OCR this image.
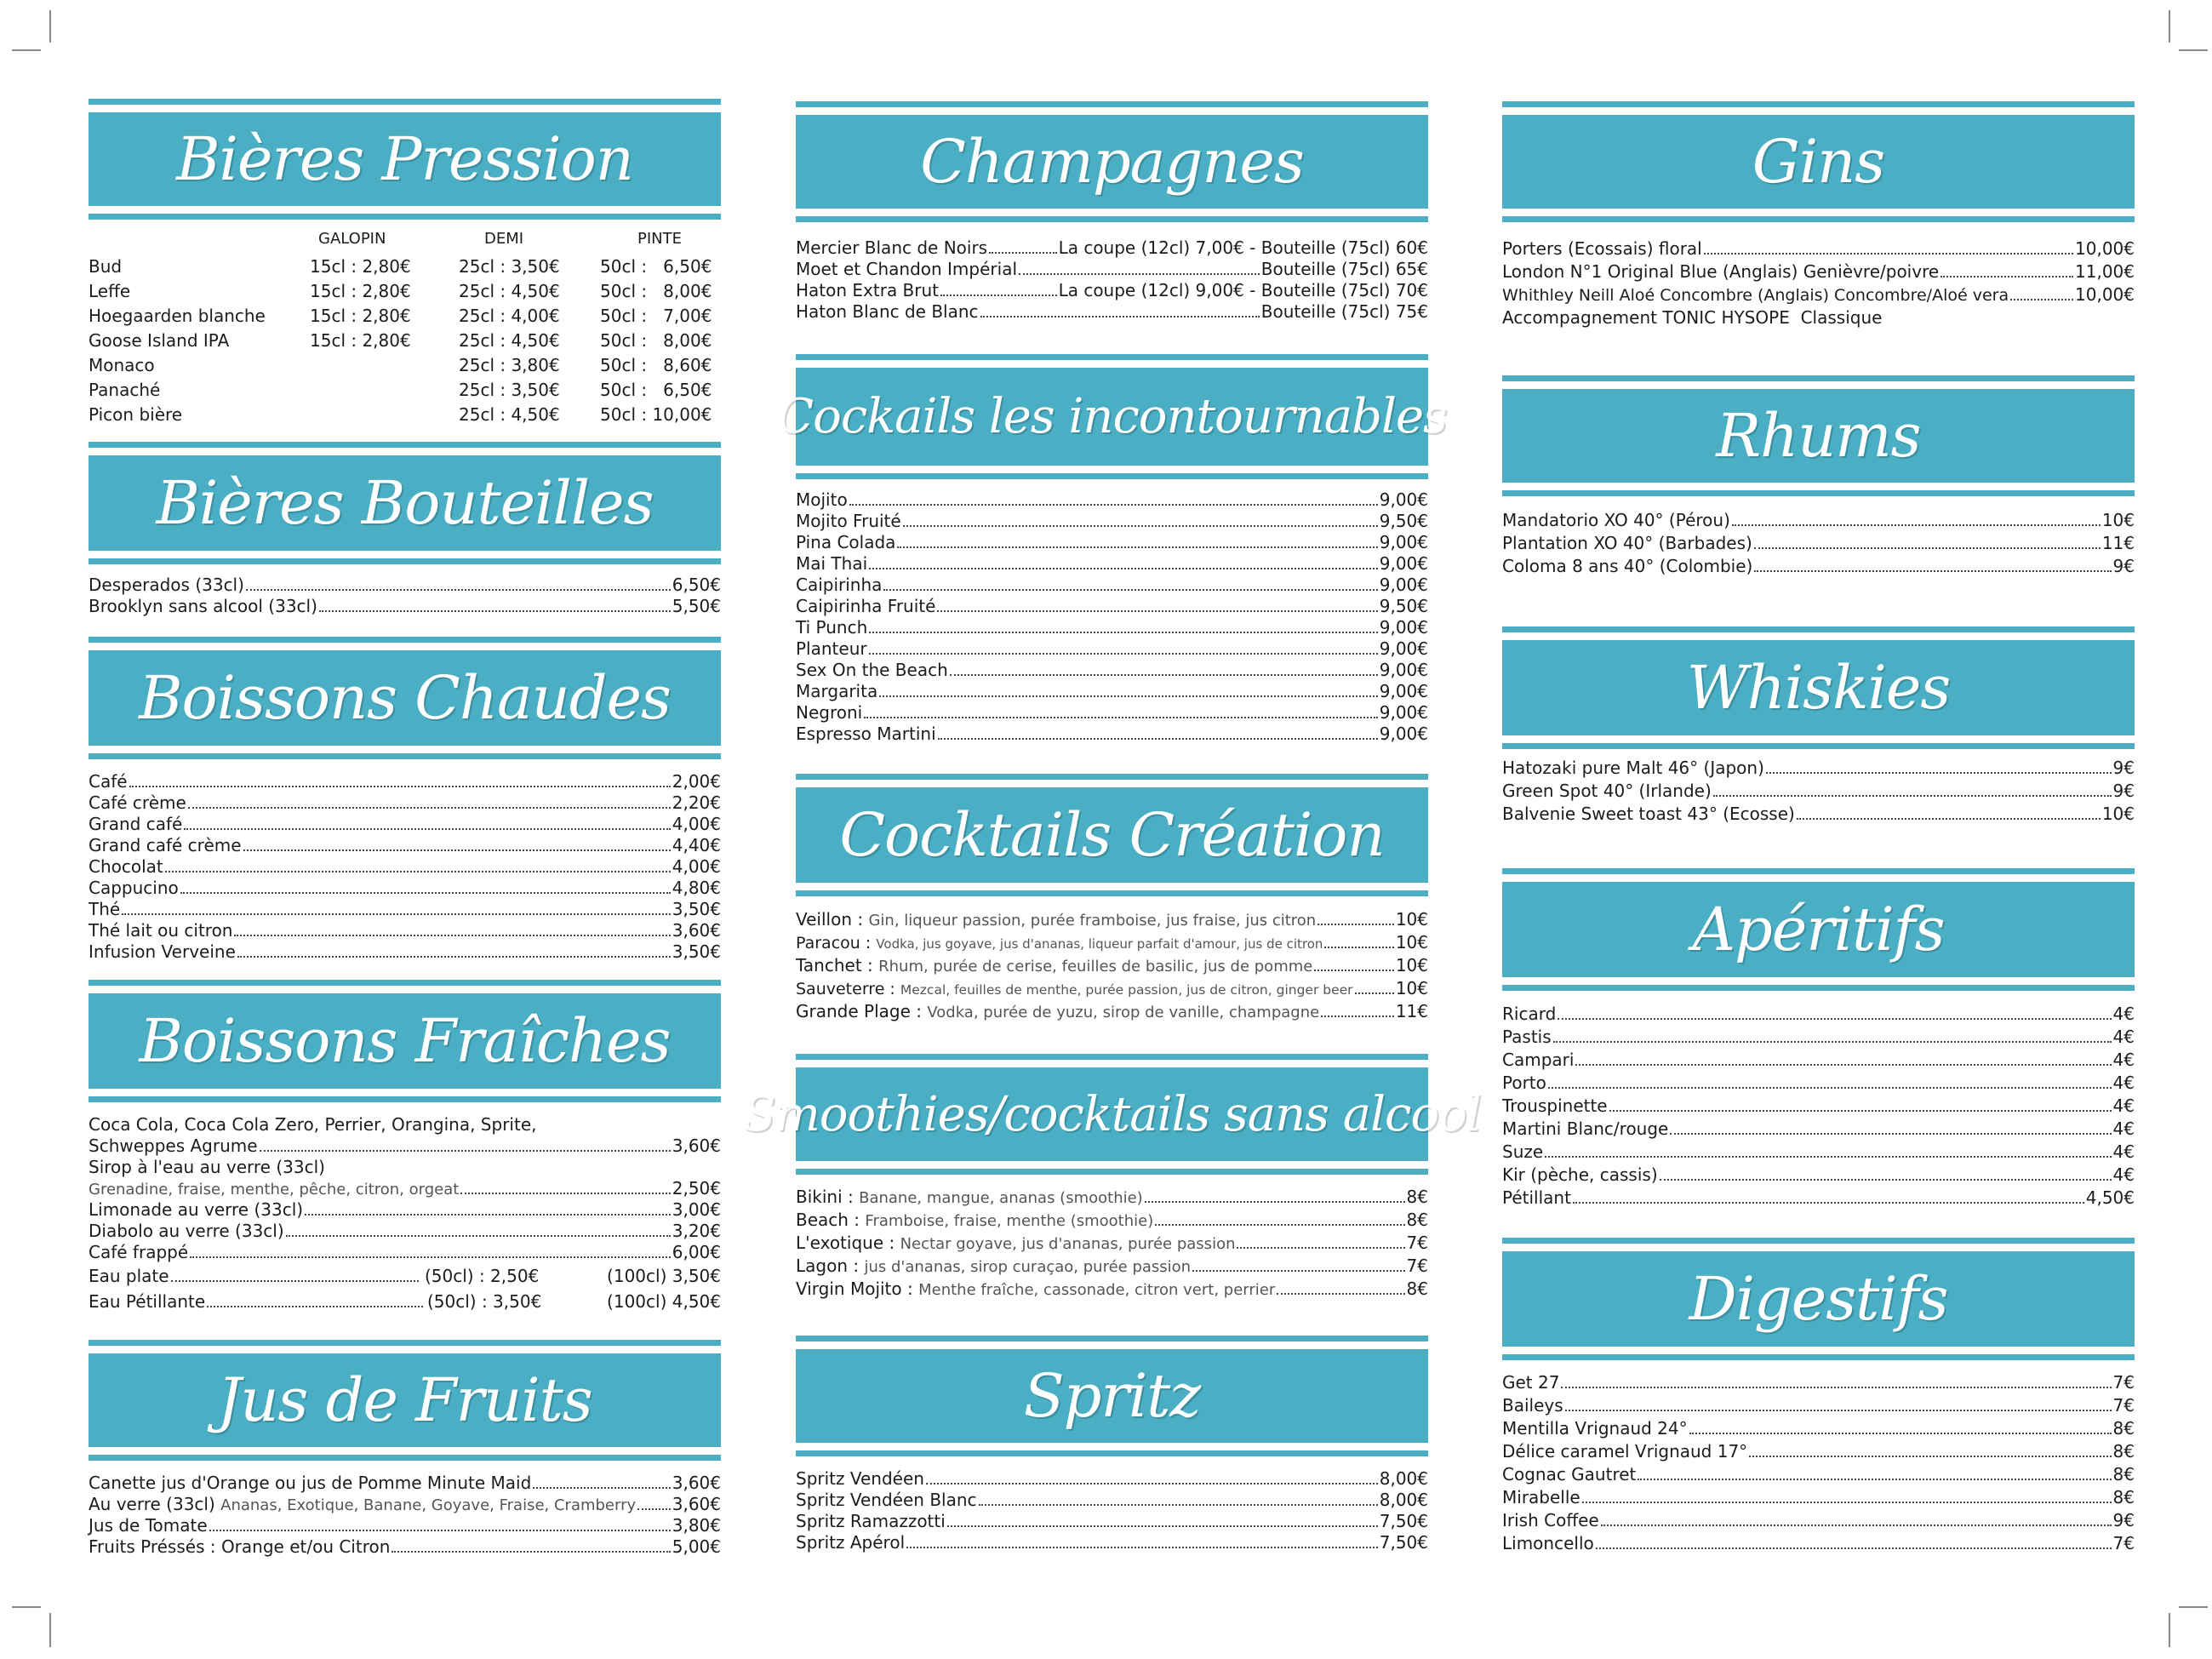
Bières Pression
GALOPIN	DEMI	PINTE
Bud	15cl : 2,80€	25cl : 3,50€ 50cl :   6,50€
Leffe	15cl : 2,80€	25cl : 4,50€ 50cl :   8,00€
Hoegaarden blanche	15cl : 2,80€	25cl : 4,00€ 50cl :   7,00€
Goose Island IPA	15cl : 2,80€	25cl : 4,50€ 50cl :   8,00€
Monaco	25cl : 3,80€ 50cl :   8,60€
Panaché	25cl : 3,50€ 50cl :   6,50€
Picon bière	25cl : 4,50€ 50cl : 10,00€
Bières Bouteilles
Desperados (33cl)	6,50€
Brooklyn sans alcool (33cl)	5,50€
Boissons Chaudes
Café	2,00€
Café crème	2,20€
Grand café	4,00€
Grand café crème	4,40€
Chocolat	4,00€
Cappucino	4,80€
Thé	3,50€
Thé lait ou citron	3,60€
Infusion Verveine	3,50€
Boissons Fraîches
Coca Cola, Coca Cola Zero, Perrier, Orangina, Sprite,
Schweppes Agrume	3,60€
Sirop à l'eau au verre (33cl)
Grenadine, fraise, menthe, pêche, citron, orgeat	2,50€
Limonade au verre (33cl)	3,00€
Diabolo au verre (33cl)	3,20€
Café frappé	6,00€
Eau plate	(50cl) : 2,50€	(100cl) 3,50€
Eau Pétillante	(50cl) : 3,50€	(100cl) 4,50€
Jus de Fruits
Canette jus d'Orange ou jus de Pomme Minute Maid	3,60€
Au verre (33cl) Ananas, Exotique, Banane, Goyave, Fraise, Cramberry 3,60€
Jus de Tomate	3,80€
Fruits Préssés : Orange et/ou Citron	5,00€
Champagnes
Mercier Blanc de Noirs	La coupe (12cl) 7,00€ - Bouteille (75cl) 60€
Moet et Chandon Impérial	Bouteille (75cl) 65€
Haton Extra Brut	La coupe (12cl) 9,00€ - Bouteille (75cl) 70€
Haton Blanc de Blanc	Bouteille (75cl) 75€
Cockails les incontournables
Mojito	9,00€
Mojito Fruité	9,50€
Pina Colada	9,00€
Mai Thai	9,00€
Caipirinha	9,00€
Caipirinha Fruité	9,50€
Ti Punch	9,00€
Planteur	9,00€
Sex On the Beach	9,00€
Margarita	9,00€
Negroni	9,00€
Espresso Martini	9,00€
Cocktails Création
Veillon : Gin, liqueur passion, purée framboise, jus fraise, jus citron	10€
Paracou : Vodka, jus goyave, jus d'ananas, liqueur parfait d'amour, jus de citron	10€
Tanchet : Rhum, purée de cerise, feuilles de basilic, jus de pomme	10€
Sauveterre : Mezcal, feuilles de menthe, purée passion, jus de citron, ginger beer	10€
Grande Plage : Vodka, purée de yuzu, sirop de vanille, champagne	11€
Smoothies/cocktails sans alcool
Bikini : Banane, mangue, ananas (smoothie)	8€
Beach : Framboise, fraise, menthe (smoothie)	8€
L'exotique : Nectar goyave, jus d'ananas, purée passion	7€
Lagon : jus d'ananas, sirop curaçao, purée passion	7€
Virgin Mojito : Menthe fraîche, cassonade, citron vert, perrier	8€
Spritz
Spritz Vendéen	8,00€
Spritz Vendéen Blanc	8,00€
Spritz Ramazzotti	7,50€
Spritz Apérol	7,50€
Gins
Porters (Ecossais) floral	10,00€
London N°1 Original Blue (Anglais) Genièvre/poivre	11,00€
Whithley Neill Aloé Concombre (Anglais) Concombre/Aloé vera	10,00€
Accompagnement TONIC HYSOPE  Classique
Rhums
Mandatorio XO 40° (Pérou)	10€
Plantation XO 40° (Barbades)	11€
Coloma 8 ans 40° (Colombie)	9€
Whiskies
Hatozaki pure Malt 46° (Japon)	9€
Green Spot 40° (Irlande)	9€
Balvenie Sweet toast 43° (Ecosse)	10€
Apéritifs
Ricard	4€
Pastis	4€
Campari	4€
Porto	4€
Trouspinette	4€
Martini Blanc/rouge	4€
Suze	4€
Kir (pèche, cassis)	4€
Pétillant	4,50€
Digestifs
Get 27	7€
Baileys	7€
Mentilla Vrignaud 24°	8€
Délice caramel Vrignaud 17°	8€
Cognac Gautret	8€
Mirabelle	8€
Irish Coffee	9€
Limoncello	7€
